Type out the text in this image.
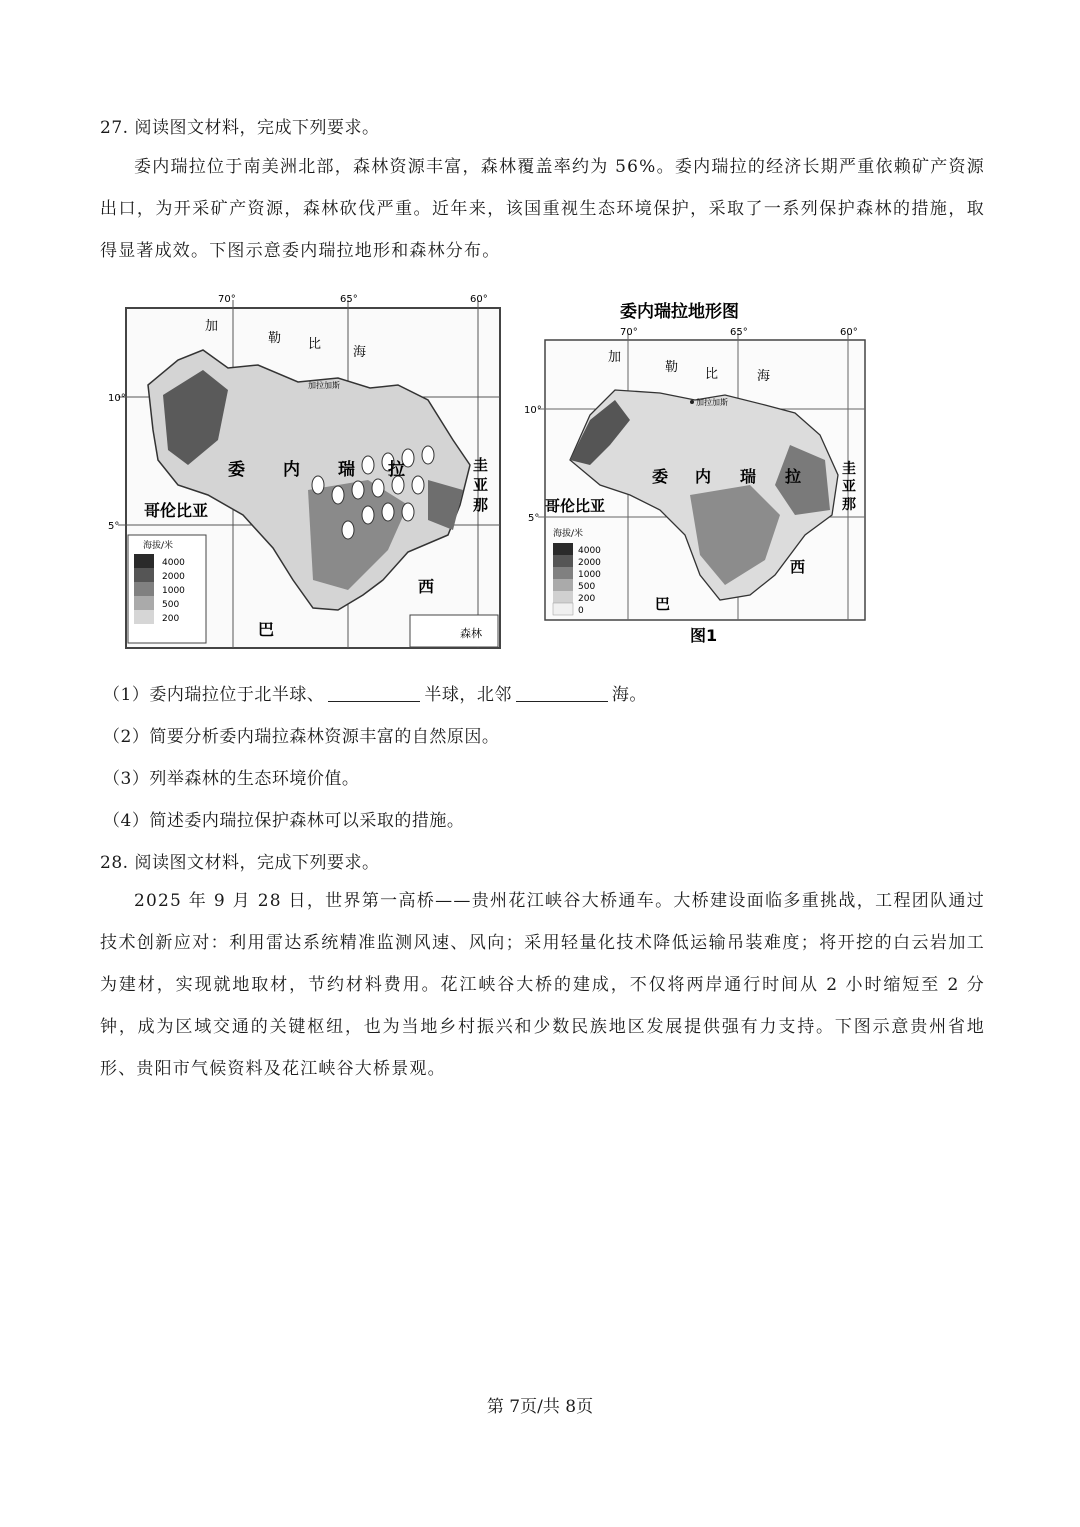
27. 阅读图文材料，完成下列要求。
委内瑞拉位于南美洲北部，森林资源丰富，森林覆盖率约为 56%。委内瑞拉的经济长期严重依赖矿产资源出口，为开采矿产资源，森林砍伐严重。近年来，该国重视生态环境保护，采取了一系列保护森林的措施，取得显著成效。下图示意委内瑞拉地形和森林分布。
70°	65°	60°
10°
5°
加
勒 比
海
加拉加斯
委 内 瑞 拉
哥伦比亚
圭
亚
那
巴
西
海拔/米
4000
2000
1000
500
200
森林
委内瑞拉地形图
70°	65°	60°
10°
5°
加
勒 比	海
加拉加斯
委 内 瑞 拉
哥伦比亚
圭
亚
那
巴
西
海拔/米
4000
2000
1000
500
200
0
图1
（1）委内瑞拉位于北半球、	半球，北邻	海。
（2）简要分析委内瑞拉森林资源丰富的自然原因。
（3）列举森林的生态环境价值。
（4）简述委内瑞拉保护森林可以采取的措施。
28. 阅读图文材料，完成下列要求。
2025 年 9 月 28 日，世界第一高桥——贵州花江峡谷大桥通车。大桥建设面临多重挑战，工程团队通过技术创新应对：利用雷达系统精准监测风速、风向；采用轻量化技术降低运输吊装难度；将开挖的白云岩加工为建材，实现就地取材，节约材料费用。花江峡谷大桥的建成，不仅将两岸通行时间从 2 小时缩短至 2 分钟，成为区域交通的关键枢纽，也为当地乡村振兴和少数民族地区发展提供强有力支持。下图示意贵州省地形、贵阳市气候资料及花江峡谷大桥景观。
第 7页/共 8页
